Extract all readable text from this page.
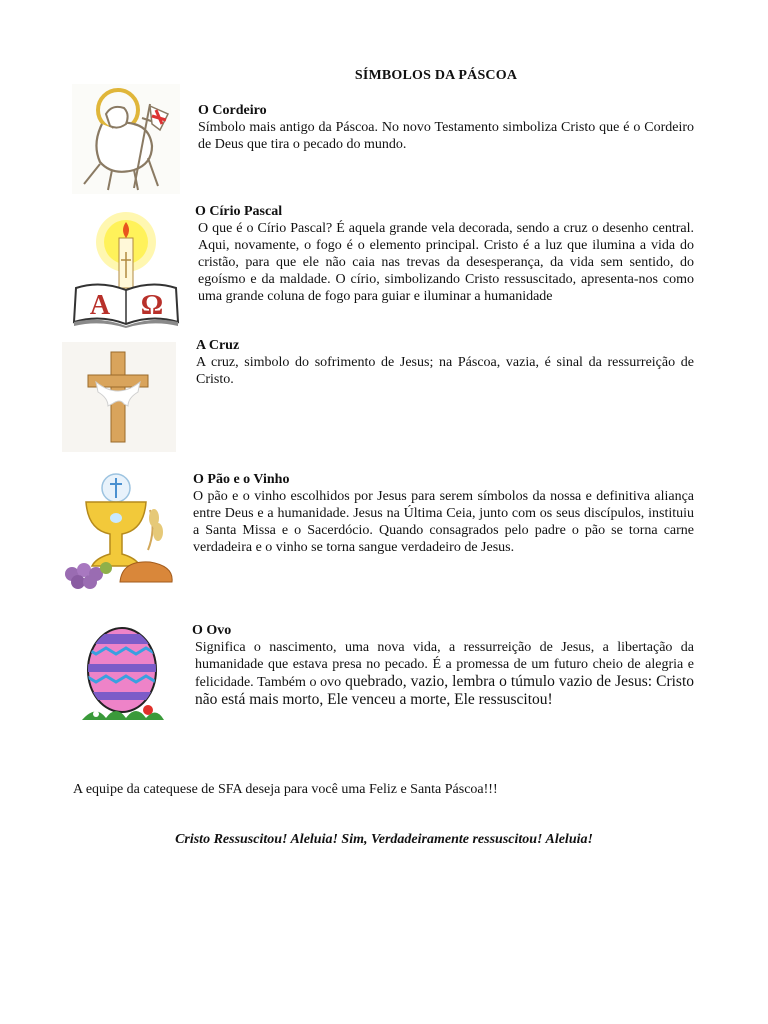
SÍMBOLOS DA PÁSCOA
O Cordeiro

Símbolo mais antigo da Páscoa. No novo Testamento simboliza Cristo que é o Cordeiro de Deus que tira o pecado do mundo.

A Ω
O Círio Pascal

O que é o Círio Pascal? É aquela grande vela decorada, sendo a cruz o desenho central. Aqui, novamente, o fogo é o elemento principal. Cristo é a luz que ilumina a vida do cristão, para que ele não caia nas trevas da desesperança, da vida sem sentido, do egoísmo e da maldade. O círio, simbolizando Cristo ressuscitado, apresenta-nos como uma grande coluna de fogo para guiar e iluminar a humanidade

A Cruz

A cruz, simbolo do sofrimento de Jesus; na Páscoa, vazia, é sinal da ressurreição de Cristo.

O Pão e o Vinho

O pão e o vinho escolhidos por Jesus para serem símbolos da nossa e definitiva aliança entre Deus e a humanidade. Jesus na Última Ceia, junto com os seus discípulos, instituiu a Santa Missa e o Sacerdócio. Quando consagrados pelo padre o pão se torna carne verdadeira e o vinho se torna sangue verdadeiro de Jesus.

O Ovo

Significa o nascimento, uma nova vida, a ressurreição de Jesus, a libertação da humanidade que estava presa no pecado. É a promessa de um futuro cheio de alegria e felicidade. Também o ovo quebrado, vazio, lembra o túmulo vazio de Jesus: Cristo não está mais morto, Ele venceu a morte, Ele ressuscitou!

A equipe da catequese de SFA deseja para você uma Feliz e Santa Páscoa!!!
Cristo Ressuscitou! Aleluia! Sim, Verdadeiramente ressuscitou! Aleluia!
